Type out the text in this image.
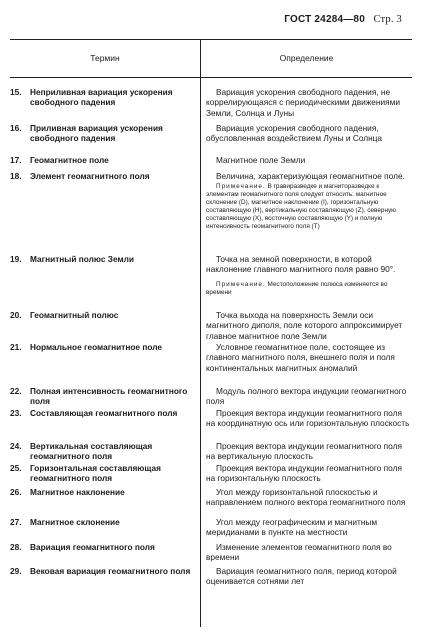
ГОСТ 24284—80 Стр. 3
Термин	Определение
15. Неприливная вариация ускорения свободного падения
Вариация ускорения свободного падения, не коррелирующаяся с периодическими движениями Земли, Солнца и Луны
16. Приливная вариация ускорения свободного падения
Вариация ускорения свободного падения, обусловленная воздействием Луны и Солнца
17. Геомагнитное поле	Магнитное поле Земли
18. Элемент геомагнитного поля	Величина, характеризующая геомагнитное поле.
Примечание. В гравиразведке и магниторазведке к элементам геомагнитного поля следует относить: магнитное склонение (D), магнитное наклонение (I), горизонтальную составляющую (H), вертикальную составляющую (Z), северную составляющую (X), восточную составляющую (Y) и полную интенсивность геомагнитного поля (T)
19. Магнитный полюс Земли	Точка на земной поверхности, в которой наклонение главного магнитного поля равно 90°.
Примечание. Местоположение полюса изменяется во времени
20. Геомагнитный полюс	Точка выхода на поверхность Земли оси магнитного диполя, поле которого аппроксимирует главное магнитное поле Земли
21. Нормальное геомагнитное поле	Условное геомагнитное поле, состоящее из главного магнитного поля, внешнего поля и поля континентальных магнитных аномалий
22. Полная интенсивность геомагнитного поля
Модуль полного вектора индукции геомагнитного поля
23. Составляющая геомагнитного поля	Проекция вектора индукции геомагнитного поля на координатную ось или горизонтальную плоскость
24. Вертикальная составляющая геомагнитного поля
Проекция вектора индукции геомагнитного поля на вертикальную плоскость
25. Горизонтальная составляющая геомагнитного поля
Проекция вектора индукции геомагнитного поля на горизонтальную плоскость
26. Магнитное наклонение	Угол между горизонтальной плоскостью и направлением полного вектора геомагнитного поля
27. Магнитное склонение	Угол между географическим и магнитным меридианами в пункте на местности
28. Вариация геомагнитного поля	Изменение элементов геомагнитного поля во времени
29. Вековая вариация геомагнитного поля	Вариация геомагнитного поля, период которой оценивается сотнями лет
